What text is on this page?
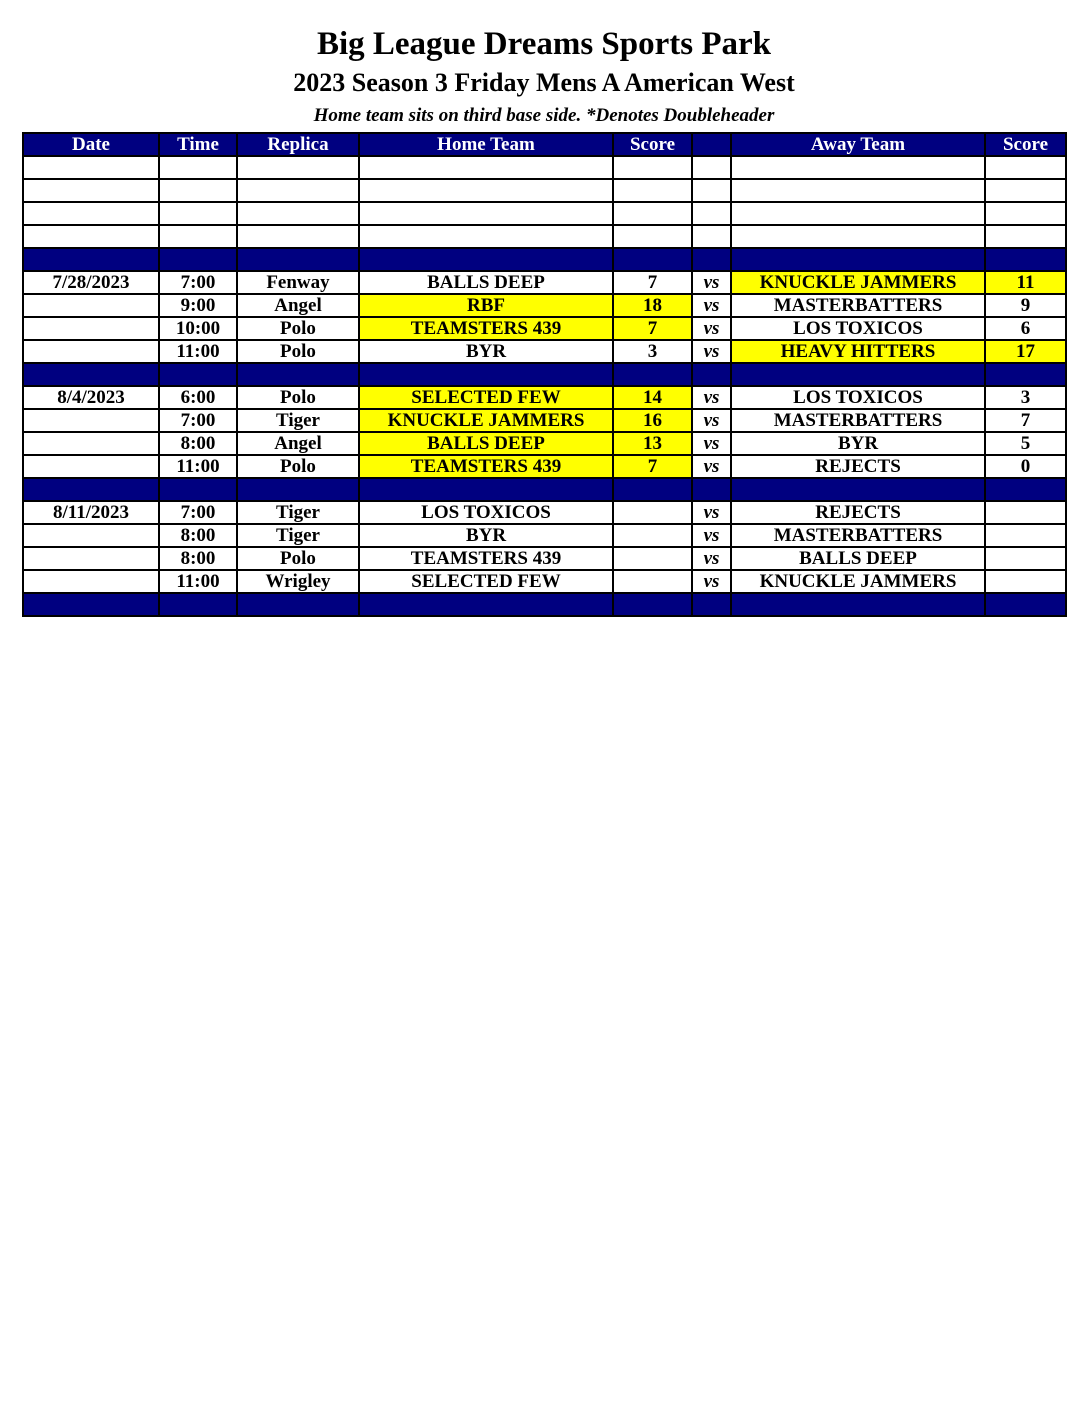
Big League Dreams Sports Park
2023 Season 3 Friday Mens A American West
Home team sits on third base side. *Denotes Doubleheader
Date	Time	Replica	Home Team	Score		Away Team	Score

7/28/2023	7:00	Fenway	BALLS DEEP	7	vs	KNUCKLE JAMMERS	11
	9:00	Angel	RBF	18	vs	MASTERBATTERS	9
	10:00	Polo	TEAMSTERS 439	7	vs	LOS TOXICOS	6
	11:00	Polo	BYR	3	vs	HEAVY HITTERS	17

8/4/2023	6:00	Polo	SELECTED FEW	14	vs	LOS TOXICOS	3
	7:00	Tiger	KNUCKLE JAMMERS	16	vs	MASTERBATTERS	7
	8:00	Angel	BALLS DEEP	13	vs	BYR	5
	11:00	Polo	TEAMSTERS 439	7	vs	REJECTS	0

8/11/2023	7:00	Tiger	LOS TOXICOS		vs	REJECTS	
	8:00	Tiger	BYR		vs	MASTERBATTERS	
	8:00	Polo	TEAMSTERS 439		vs	BALLS DEEP	
	11:00	Wrigley	SELECTED FEW		vs	KNUCKLE JAMMERS	
